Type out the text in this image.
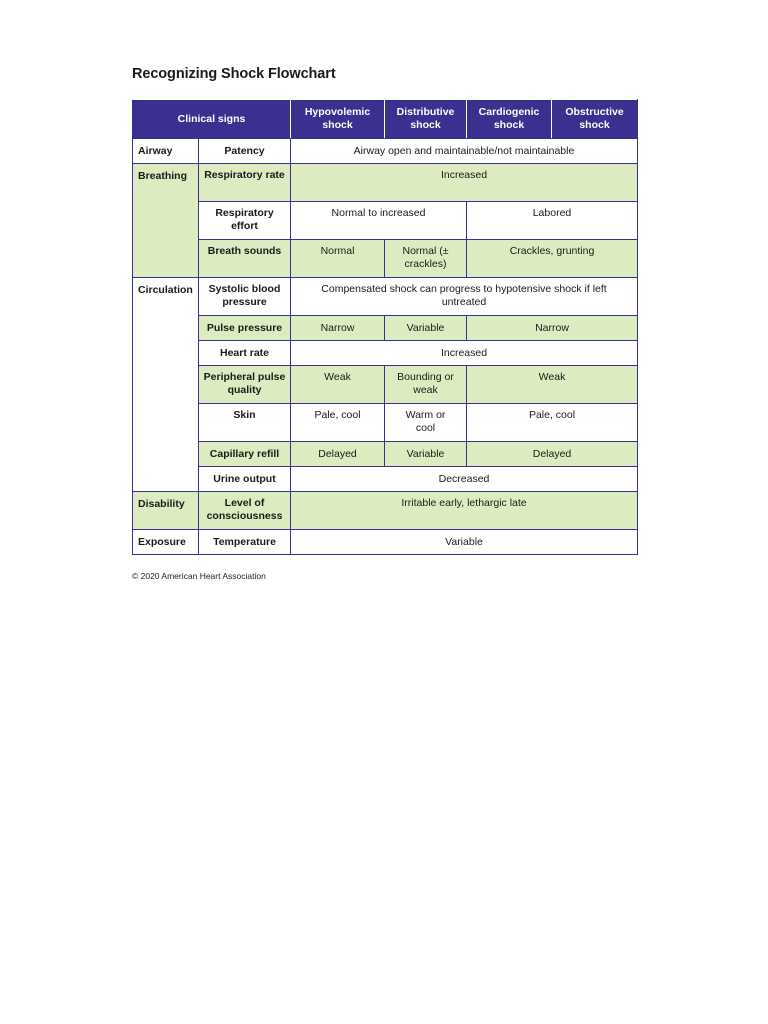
Recognizing Shock Flowchart
Clinical signs		Hypovolemic shock	Distributive shock	Cardiogenic shock	Obstructive shock
Airway	Patency	Airway open and maintainable/not maintainable			
Breathing	Respiratory rate	Increased			
	Respiratory effort	Normal to increased		Labored	
	Breath sounds	Normal	Normal (± crackles)	Crackles, grunting	
Circulation	Systolic blood pressure	Compensated shock can progress to hypotensive shock if left untreated			
	Pulse pressure	Narrow	Variable	Narrow	
	Heart rate	Increased			
	Peripheral pulse quality	Weak	Bounding or weak	Weak	
	Skin	Pale, cool	Warm or cool	Pale, cool	
	Capillary refill	Delayed	Variable	Delayed	
	Urine output	Decreased			
Disability	Level of consciousness	Irritable early, lethargic late			
Exposure	Temperature	Variable			
© 2020 American Heart Association
